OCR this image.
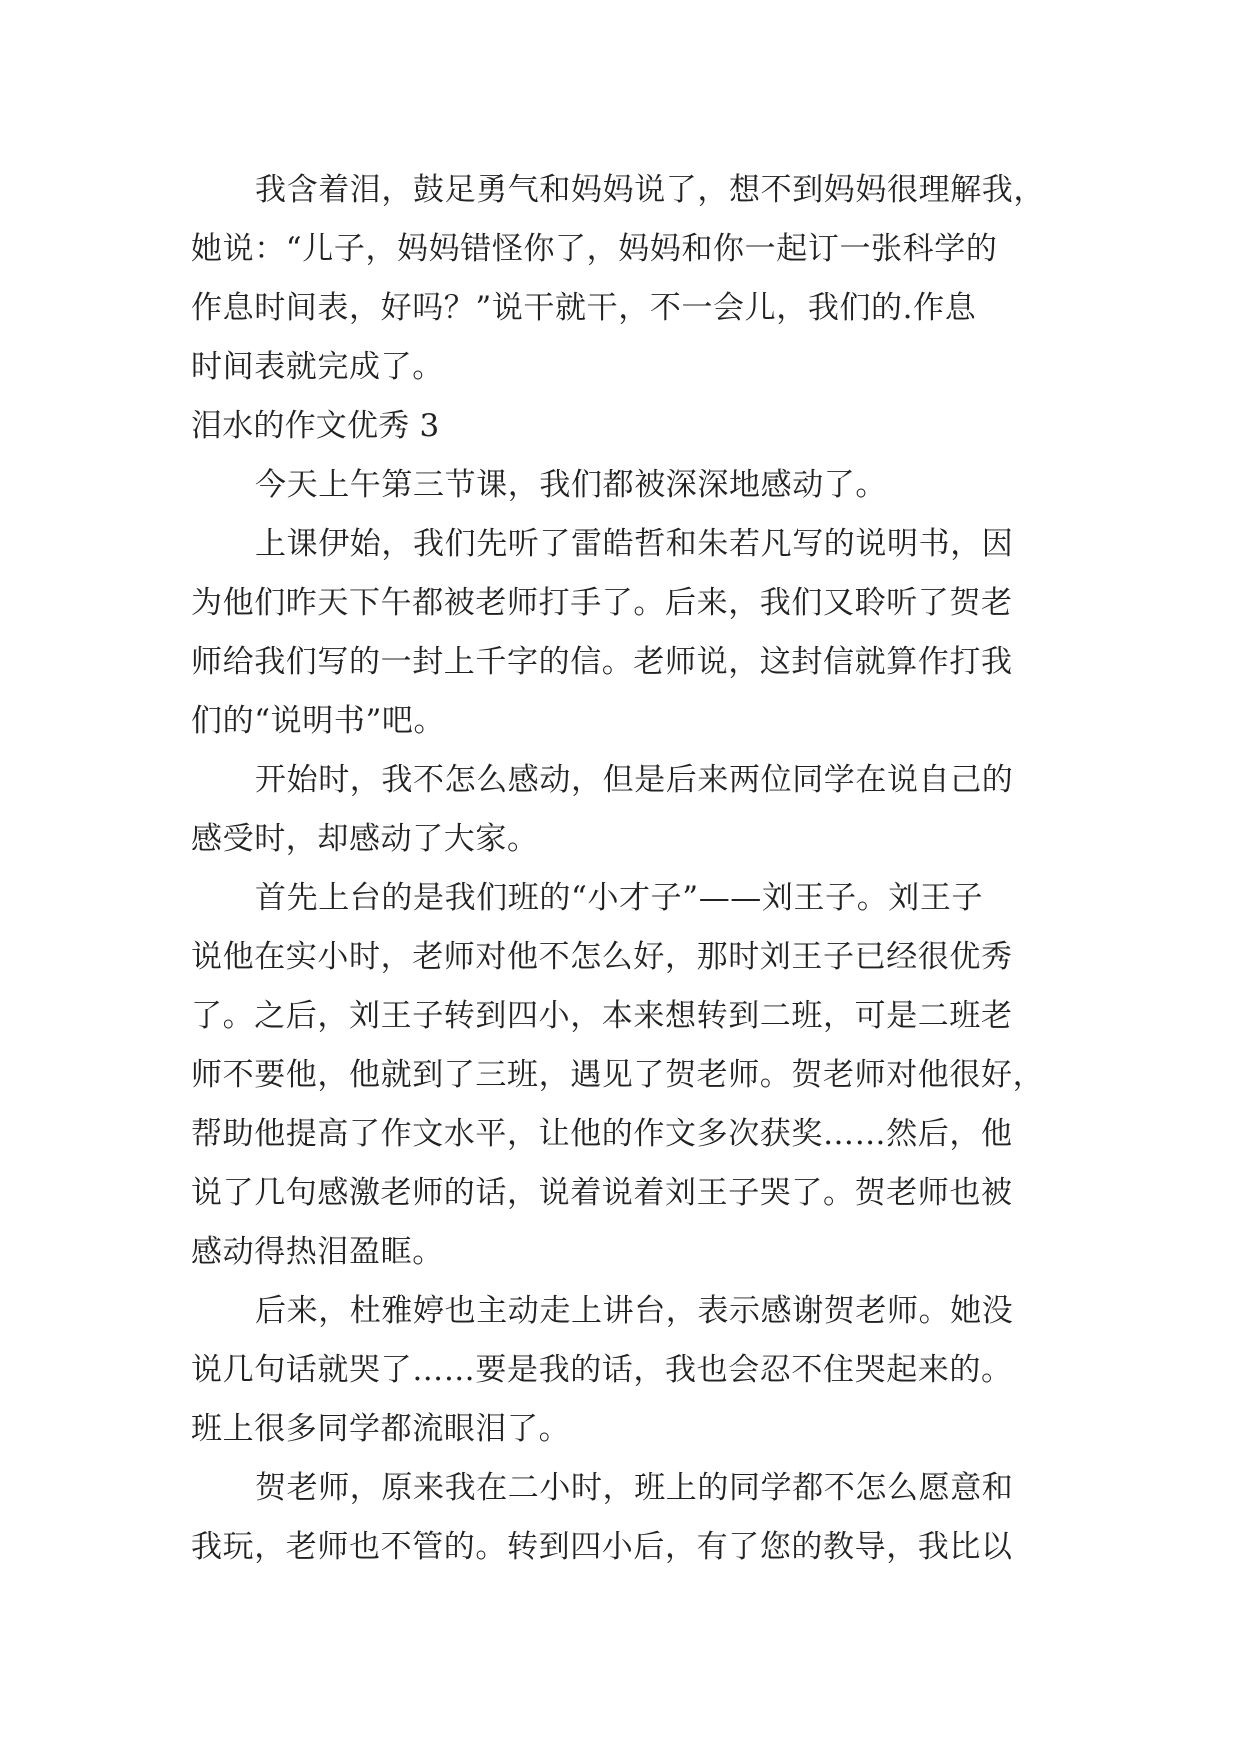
我含着泪，鼓足勇气和妈妈说了，想不到妈妈很理解我，
她说：“儿子，妈妈错怪你了，妈妈和你一起订一张科学的
作息时间表，好吗？”说干就干，不一会儿，我们的.作息
时间表就完成了。
泪水的作文优秀 3
今天上午第三节课，我们都被深深地感动了。
上课伊始，我们先听了雷皓哲和朱若凡写的说明书，因
为他们昨天下午都被老师打手了。后来，我们又聆听了贺老
师给我们写的一封上千字的信。老师说，这封信就算作打我
们的“说明书”吧。
开始时，我不怎么感动，但是后来两位同学在说自己的
感受时，却感动了大家。
首先上台的是我们班的“小才子”——刘王子。刘王子
说他在实小时，老师对他不怎么好，那时刘王子已经很优秀
了。之后，刘王子转到四小，本来想转到二班，可是二班老
师不要他，他就到了三班，遇见了贺老师。贺老师对他很好，
帮助他提高了作文水平，让他的作文多次获奖……然后，他
说了几句感激老师的话，说着说着刘王子哭了。贺老师也被
感动得热泪盈眶。
后来，杜雅婷也主动走上讲台，表示感谢贺老师。她没
说几句话就哭了……要是我的话，我也会忍不住哭起来的。
班上很多同学都流眼泪了。
贺老师，原来我在二小时，班上的同学都不怎么愿意和
我玩，老师也不管的。转到四小后，有了您的教导，我比以
